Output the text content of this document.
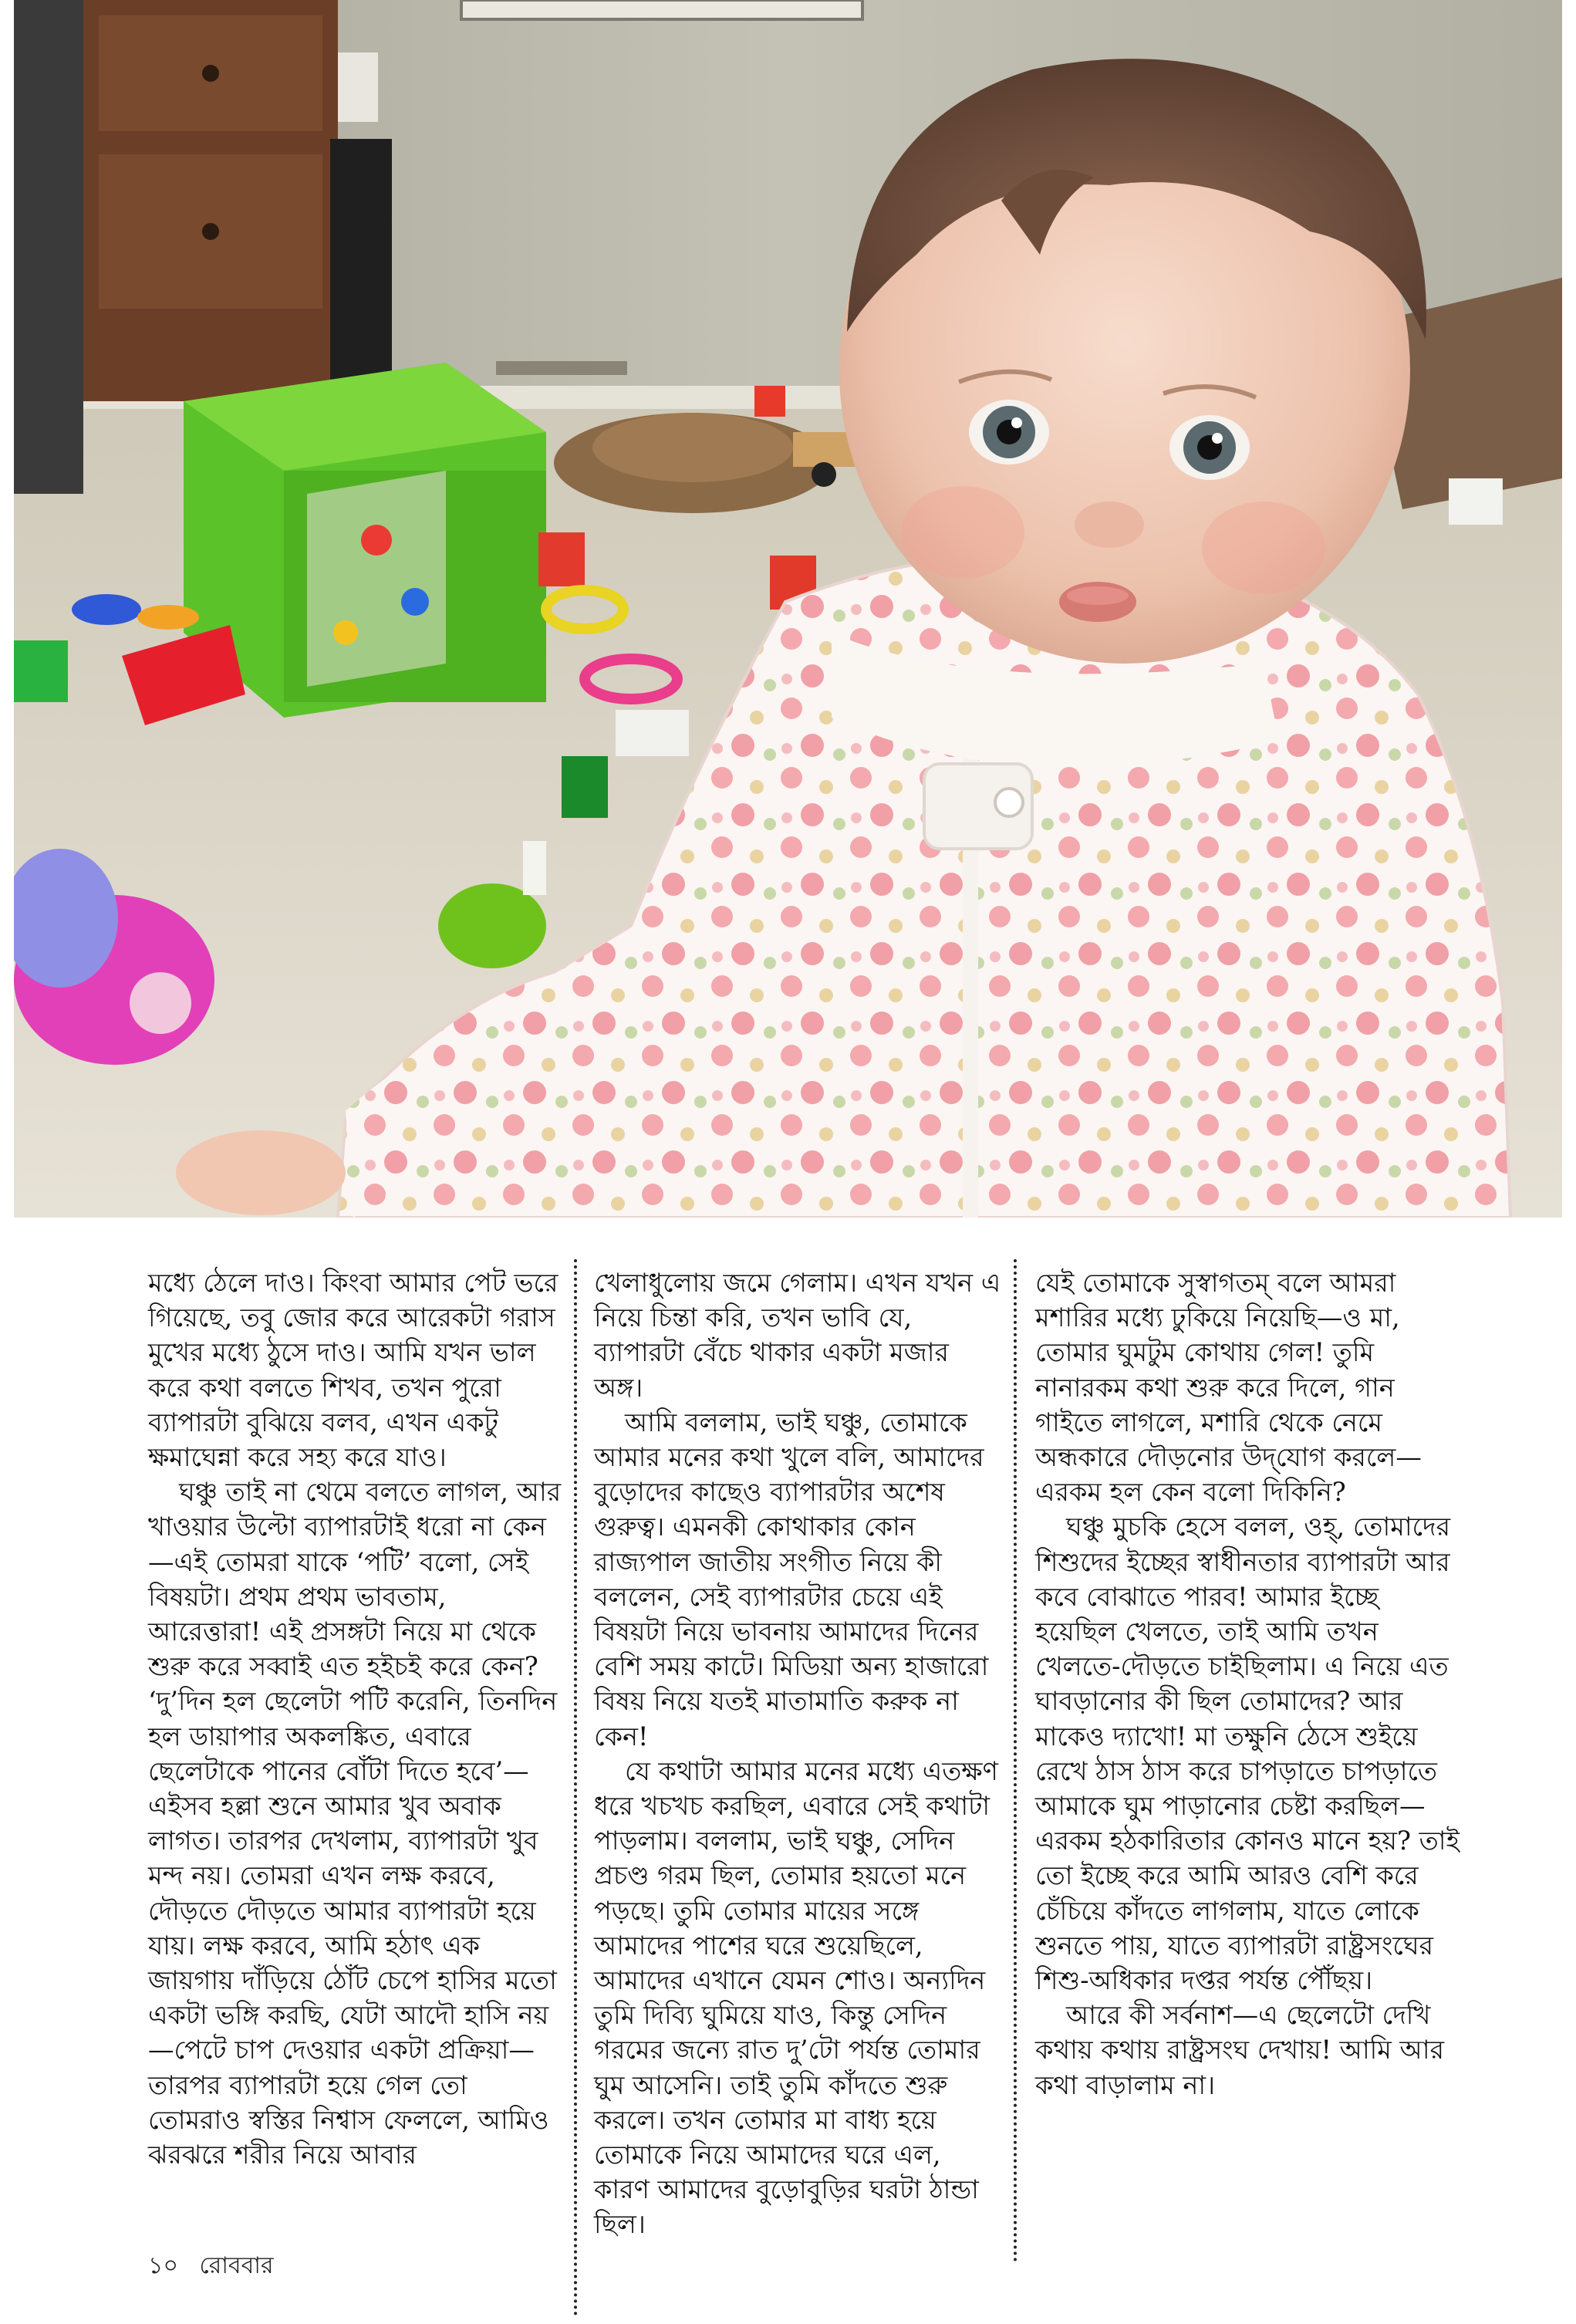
মধ্যে ঠেলে দাও। কিংবা আমার পেট ভরে গিয়েছে, তবু জোর করে আরেকটা গরাস মুখের মধ্যে ঠুসে দাও। আমি যখন ভাল করে কথা বলতে শিখব, তখন পুরো ব্যাপারটা বুঝিয়ে বলব, এখন একটু ক্ষমাঘেন্না করে সহ্য করে যাও।

ঘঞ্চু তাই না থেমে বলতে লাগল, আর খাওয়ার উল্টো ব্যাপারটাই ধরো না কেন—এই তোমরা যাকে ‘পটি’ বলো, সেই বিষয়টা। প্রথম প্রথম ভাবতাম, আরেত্তারা! এই প্রসঙ্গটা নিয়ে মা থেকে শুরু করে সব্বাই এত হইচই করে কেন? ‘দু’দিন হল ছেলেটা পটি করেনি, তিনদিন হল ডায়াপার অকলঙ্কিত, এবারে ছেলেটাকে পানের বোঁটা দিতে হবে’—এইসব হল্লা শুনে আমার খুব অবাক লাগত। তারপর দেখলাম, ব্যাপারটা খুব মন্দ নয়। তোমরা এখন লক্ষ করবে, দৌড়তে দৌড়তে আমার ব্যাপারটা হয়ে যায়। লক্ষ করবে, আমি হঠাৎ এক জায়গায় দাঁড়িয়ে ঠোঁট চেপে হাসির মতো একটা ভঙ্গি করছি, যেটা আদৌ হাসি নয়—পেটে চাপ দেওয়ার একটা প্রক্রিয়া—তারপর ব্যাপারটা হয়ে গেল তো তোমরাও স্বস্তির নিশ্বাস ফেললে, আমিও ঝরঝরে শরীর নিয়ে আবার

খেলাধুলোয় জমে গেলাম। এখন যখন এ নিয়ে চিন্তা করি, তখন ভাবি যে, ব্যাপারটা বেঁচে থাকার একটা মজার অঙ্গ।

আমি বললাম, ভাই ঘঞ্চু, তোমাকে আমার মনের কথা খুলে বলি, আমাদের বুড়োদের কাছেও ব্যাপারটার অশেষ গুরুত্ব। এমনকী কোথাকার কোন রাজ্যপাল জাতীয় সংগীত নিয়ে কী বললেন, সেই ব্যাপারটার চেয়ে এই বিষয়টা নিয়ে ভাবনায় আমাদের দিনের বেশি সময় কাটে। মিডিয়া অন্য হাজারো বিষয় নিয়ে যতই মাতামাতি করুক না কেন!

যে কথাটা আমার মনের মধ্যে এতক্ষণ ধরে খচখচ করছিল, এবারে সেই কথাটা পাড়লাম। বললাম, ভাই ঘঞ্চু, সেদিন প্রচণ্ড গরম ছিল, তোমার হয়তো মনে পড়ছে। তুমি তোমার মায়ের সঙ্গে আমাদের পাশের ঘরে শুয়েছিলে, আমাদের এখানে যেমন শোও। অন্যদিন তুমি দিব্যি ঘুমিয়ে যাও, কিন্তু সেদিন গরমের জন্যে রাত দু’টো পর্যন্ত তোমার ঘুম আসেনি। তাই তুমি কাঁদতে শুরু করলে। তখন তোমার মা বাধ্য হয়ে তোমাকে নিয়ে আমাদের ঘরে এল, কারণ আমাদের বুড়োবুড়ির ঘরটা ঠান্ডা ছিল।

যেই তোমাকে সুস্বাগতম্ বলে আমরা মশারির মধ্যে ঢুকিয়ে নিয়েছি—ও মা, তোমার ঘুমটুম কোথায় গেল! তুমি নানারকম কথা শুরু করে দিলে, গান গাইতে লাগলে, মশারি থেকে নেমে অন্ধকারে দৌড়নোর উদ্‌যোগ করলে—এরকম হল কেন বলো দিকিনি?

ঘঞ্চু মুচকি হেসে বলল, ওহ্, তোমাদের শিশুদের ইচ্ছের স্বাধীনতার ব্যাপারটা আর কবে বোঝাতে পারব! আমার ইচ্ছে হয়েছিল খেলতে, তাই আমি তখন খেলতে-দৌড়তে চাইছিলাম। এ নিয়ে এত ঘাবড়ানোর কী ছিল তোমাদের? আর মাকেও দ্যাখো! মা তক্ষুনি ঠেসে শুইয়ে রেখে ঠাস ঠাস করে চাপড়াতে চাপড়াতে আমাকে ঘুম পাড়ানোর চেষ্টা করছিল—এরকম হঠকারিতার কোনও মানে হয়? তাই তো ইচ্ছে করে আমি আরও বেশি করে চেঁচিয়ে কাঁদতে লাগলাম, যাতে লোকে শুনতে পায়, যাতে ব্যাপারটা রাষ্ট্রসংঘের শিশু-অধিকার দপ্তর পর্যন্ত পৌঁছয়।

আরে কী সর্বনাশ—এ ছেলেটো দেখি কথায় কথায় রাষ্ট্রসংঘ দেখায়! আমি আর কথা বাড়ালাম না।

১০ রোববার
